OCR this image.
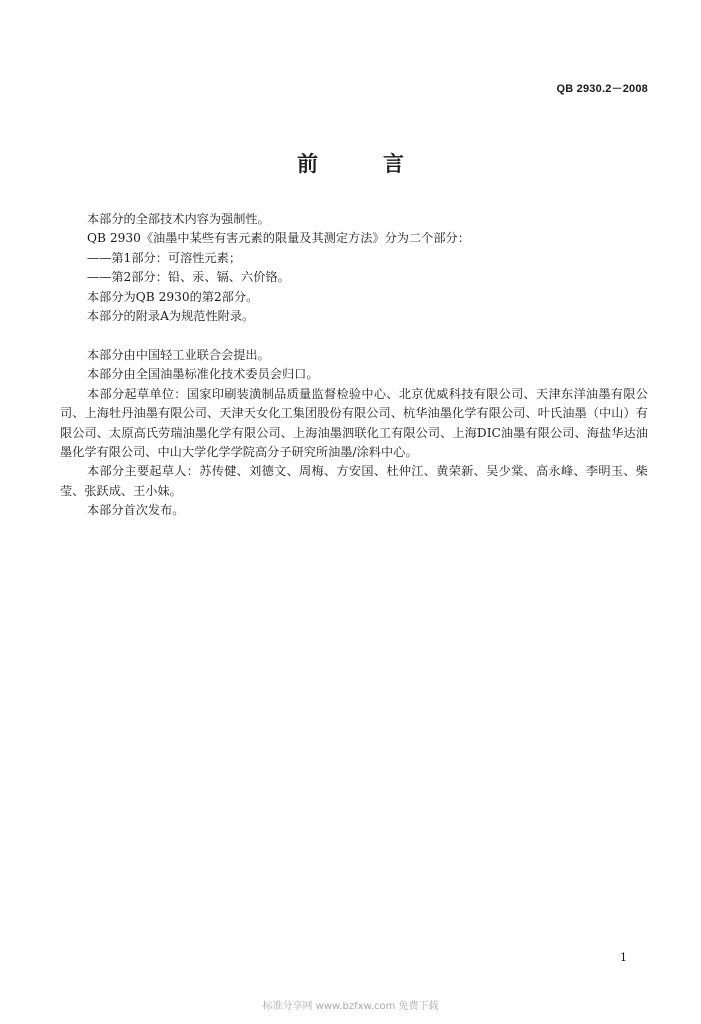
QB 2930.2－2008
前　言

本部分的全部技术内容为强制性。

QB 2930《油墨中某些有害元素的限量及其测定方法》分为二个部分：

——第1部分：可溶性元素；

——第2部分：铅、汞、镉、六价铬。

本部分为QB 2930的第2部分。

本部分的附录A为规范性附录。

本部分由中国轻工业联合会提出。

本部分由全国油墨标准化技术委员会归口。

本部分起草单位：国家印刷装潢制品质量监督检验中心、北京优威科技有限公司、天津东洋油墨有限公司、上海牡丹油墨有限公司、天津天女化工集团股份有限公司、杭华油墨化学有限公司、叶氏油墨（中山）有限公司、太原高氏劳瑞油墨化学有限公司、上海油墨泗联化工有限公司、上海DIC油墨有限公司、海盐华达油墨化学有限公司、中山大学化学学院高分子研究所油墨/涂料中心。

本部分主要起草人：苏传健、刘德文、周梅、方安国、杜仲江、黄荣新、吴少棠、高永峰、李明玉、柴莹、张跃成、王小妹。

本部分首次发布。

1
标准分享网 www.bzfxw.com 免费下载
